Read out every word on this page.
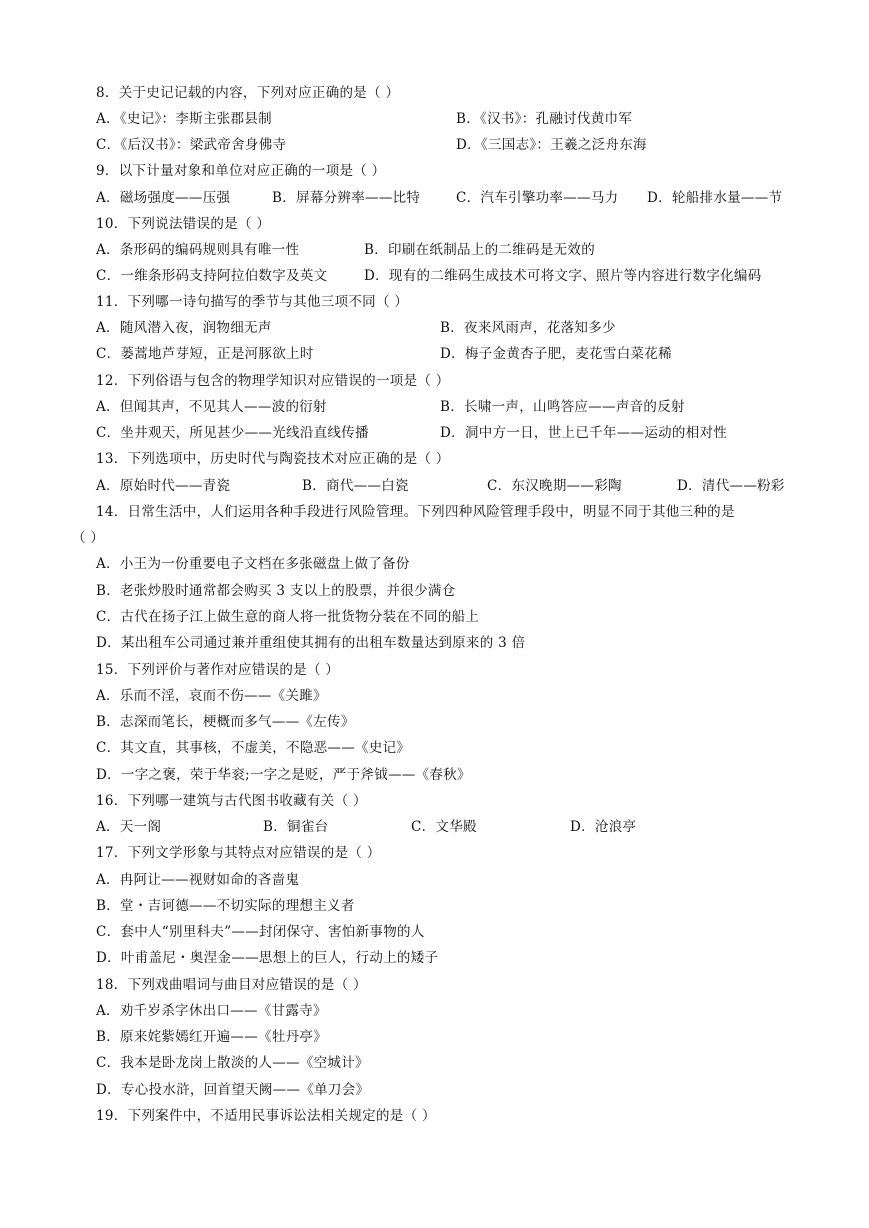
8．关于史记记载的内容，下列对应正确的是（ ）
A．《史记》：李斯主张郡县制	B．《汉书》：孔融讨伐黄巾军
C．《后汉书》：梁武帝舍身佛寺	D．《三国志》：王羲之泛舟东海
9．以下计量对象和单位对应正确的一项是（ ）
A．磁场强度——压强	B．屏幕分辨率——比特	C．汽车引擎功率——马力 D．轮船排水量——节
10．下列说法错误的是（ ）
A．条形码的编码规则具有唯一性	B．印刷在纸制品上的二维码是无效的
C．一维条形码支持阿拉伯数字及英文	D．现有的二维码生成技术可将文字、照片等内容进行数字化编码
11．下列哪一诗句描写的季节与其他三项不同（ ）
A．随风潜入夜，润物细无声	B．夜来风雨声，花落知多少
C．蒌蒿地芦芽短，正是河豚欲上时	D．梅子金黄杏子肥，麦花雪白菜花稀
12．下列俗语与包含的物理学知识对应错误的一项是（ ）
A．但闻其声，不见其人——波的衍射	B．长啸一声，山鸣答应——声音的反射
C．坐井观天，所见甚少——光线沿直线传播	D．洞中方一日，世上已千年——运动的相对性
13．下列选项中，历史时代与陶瓷技术对应正确的是（ ）
A．原始时代——青瓷	B．商代——白瓷	C．东汉晚期——彩陶	D．清代——粉彩
14．日常生活中，人们运用各种手段进行风险管理。下列四种风险管理手段中，明显不同于其他三种的是
（ ）
A．小王为一份重要电子文档在多张磁盘上做了备份
B．老张炒股时通常都会购买 3 支以上的股票，并很少满仓
C．古代在扬子江上做生意的商人将一批货物分装在不同的船上
D．某出租车公司通过兼并重组使其拥有的出租车数量达到原来的 3 倍
15．下列评价与著作对应错误的是（ ）
A．乐而不淫，哀而不伤——《关雎》
B．志深而笔长，梗概而多气——《左传》
C．其文直，其事核，不虚美，不隐恶——《史记》
D．一字之褒，荣于华衮;一字之是贬，严于斧钺——《春秋》
16．下列哪一建筑与古代图书收藏有关（ ）
A．天一阁	B．铜雀台	C．文华殿	D．沧浪亭
17．下列文学形象与其特点对应错误的是（ ）
A．冉阿让——视财如命的吝啬鬼
B．堂・吉诃德——不切实际的理想主义者
C．套中人“别里科夫”——封闭保守、害怕新事物的人
D．叶甫盖尼・奥涅金——思想上的巨人，行动上的矮子
18．下列戏曲唱词与曲目对应错误的是（ ）
A．劝千岁杀字休出口——《甘露寺》
B．原来姹紫嫣红开遍——《牡丹亭》
C．我本是卧龙岗上散淡的人——《空城计》
D．专心投水浒，回首望天阙——《单刀会》
19．下列案件中，不适用民事诉讼法相关规定的是（ ）
